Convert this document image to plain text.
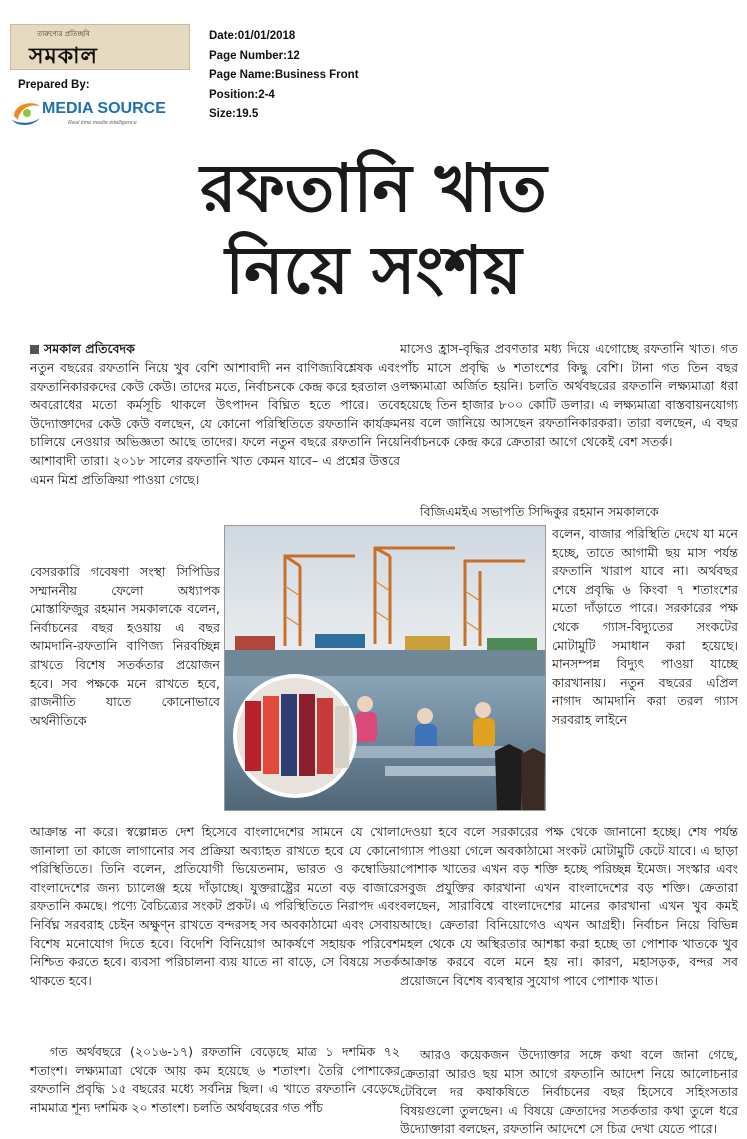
তারুণ্যের প্রতিচ্ছবি
সমকাল
Prepared By:
MEDIA SOURCE
Real time media intelligence
Date:01/01/2018
Page Number:12
Page Name:Business Front
Position:2-4
Size:19.5
রফতানি খাত
নিয়ে সংশয়
সমকাল প্রতিবেদক
নতুন বছরের রফতানি নিয়ে খুব বেশি আশাবাদী নন বাণিজ্যবিশ্লেষক এবং রফতানিকারকদের কেউ কেউ। তাদের মতে, নির্বাচনকে কেন্দ্র করে হরতাল ও অবরোধের মতো কর্মসূচি থাকলে উৎপাদন বিঘ্নিত হতে পারে। তবে উদ্যোক্তাদের কেউ কেউ বলছেন, যে কোনো পরিস্থিতিতে রফতানি কার্যক্রম চালিয়ে নেওয়ার অভিজ্ঞতা আছে তাদের। ফলে নতুন বছরে রফতানি নিয়ে আশাবাদী তারা। ২০১৮ সালের রফতানি খাত কেমন যাবে– এ প্রশ্নের উত্তরে এমন মিশ্র প্রতিক্রিয়া পাওয়া গেছে।
বেসরকারি গবেষণা সংস্থা সিপিডির সম্মাননীয় ফেলো অধ্যাপক মোস্তাফিজুর রহমান সমকালকে বলেন, নির্বাচনের বছর হওয়ায় এ বছর আমদানি-রফতানি বাণিজ্য নিরবচ্ছিন্ন রাখতে বিশেষ সতর্কতার প্রয়োজন হবে। সব পক্ষকে মনে রাখতে হবে, রাজনীতি যাতে কোনোভাবে অর্থনীতিকে
আক্রান্ত না করে। স্বল্পোন্নত দেশ হিসেবে বাংলাদেশের সামনে যে খোলা জানালা তা কাজে লাগানোর সব প্রক্রিয়া অব্যাহত রাখতে হবে যে কোনো পরিস্থিতিতে। তিনি বলেন, প্রতিযোগী ভিয়েতনাম, ভারত ও কম্বোডিয়া বাংলাদেশের জন্য চ্যালেঞ্জ হয়ে দাঁড়াচ্ছে। যুক্তরাষ্ট্রের মতো বড় বাজারে রফতানি কমছে। পণ্যে বৈচিত্র্যের সংকট প্রকট। এ পরিস্থিতিতে নিরাপদ এবং নির্বিঘ্ন সরবরাহ চেইন অক্ষুণ্ন রাখতে বন্দরসহ সব অবকাঠামো এবং সেবায় বিশেষ মনোযোগ দিতে হবে। বিদেশি বিনিয়োগ আকর্ষণে সহায়ক পরিবেশ নিশ্চিত করতে হবে। ব্যবসা পরিচালনা ব্যয় যাতে না বাড়ে, সে বিষয়ে সতর্ক থাকতে হবে।
গত অর্থবছরে (২০১৬-১৭) রফতানি বেড়েছে মাত্র ১ দশমিক ৭২ শতাংশ। লক্ষ্যমাত্রা থেকে আয় কম হয়েছে ৬ শতাংশ। তৈরি পোশাকের রফতানি প্রবৃদ্ধি ১৫ বছরের মধ্যে সর্বনিম্ন ছিল। এ খাতে রফতানি বেড়েছে নামমাত্র শূন্য দশমিক ২০ শতাংশ। চলতি অর্থবছরের গত পাঁচ
মাসেও হ্রাস-বৃদ্ধির প্রবণতার মধ্য দিয়ে এগোচ্ছে রফতানি খাত। গত পাঁচ মাসে প্রবৃদ্ধি ৬ শতাংশের কিছু বেশি। টানা গত তিন বছর লক্ষ্যমাত্রা অর্জিত হয়নি। চলতি অর্থবছরের রফতানি লক্ষ্যমাত্রা ধরা হয়েছে তিন হাজার ৮০০ কোটি ডলার। এ লক্ষ্যমাত্রা বাস্তবায়নযোগ্য নয় বলে জানিয়ে আসছেন রফতানিকারকরা। তারা বলছেন, এ বছর নির্বাচনকে কেন্দ্র করে ক্রেতারা আগে থেকেই বেশ সতর্ক।
বিজিএমইএ সভাপতি সিদ্দিকুর রহমান সমকালকে
বলেন, বাজার পরিস্থিতি দেখে যা মনে হচ্ছে, তাতে আগামী ছয় মাস পর্যন্ত রফতানি খারাপ যাবে না। অর্থবছর শেষে প্রবৃদ্ধি ৬ কিংবা ৭ শতাংশের মতো দাঁড়াতে পারে। সরকারের পক্ষ থেকে গ্যাস-বিদ্যুতের সংকটের মোটামুটি সমাধান করা হয়েছে। মানসম্পন্ন বিদ্যুৎ পাওয়া যাচ্ছে কারখানায়। নতুন বছরের এপ্রিল নাগাদ আমদানি করা তরল গ্যাস সরবরাহ লাইনে
দেওয়া হবে বলে সরকারের পক্ষ থেকে জানানো হচ্ছে। শেষ পর্যন্ত গ্যাস পাওয়া গেলে অবকাঠামো সংকট মোটামুটি কেটে যাবে। এ ছাড়া পোশাক খাতের এখন বড় শক্তি হচ্ছে পরিচ্ছন্ন ইমেজ। সংস্কার এবং সবুজ প্রযুক্তির কারখানা এখন বাংলাদেশের বড় শক্তি। ক্রেতারা বলছেন, সারাবিশ্বে বাংলাদেশের মানের কারখানা এখন খুব কমই আছে। ক্রেতারা বিনিয়োগেও এখন আগ্রহী। নির্বাচন নিয়ে বিভিন্ন মহল থেকে যে অস্থিরতার আশঙ্কা করা হচ্ছে তা পোশাক খাতকে খুব আক্রান্ত করবে বলে মনে হয় না। কারণ, মহাসড়ক, বন্দর সব প্রয়োজনে বিশেষ ব্যবস্থার সুযোগ পাবে পোশাক খাত।
আরও কয়েকজন উদ্যোক্তার সঙ্গে কথা বলে জানা গেছে, ক্রেতারা আরও ছয় মাস আগে রফতানি আদেশ নিয়ে আলোচনার টেবিলে দর কষাকষিতে নির্বাচনের বছর হিসেবে সহিংসতার বিষয়গুলো তুলছেন। এ বিষয়ে ক্রেতাদের সতর্কতার কথা তুলে ধরে উদ্যোক্তারা বলছেন, রফতানি আদেশে সে চিত্র দেখা যেতে পারে।
